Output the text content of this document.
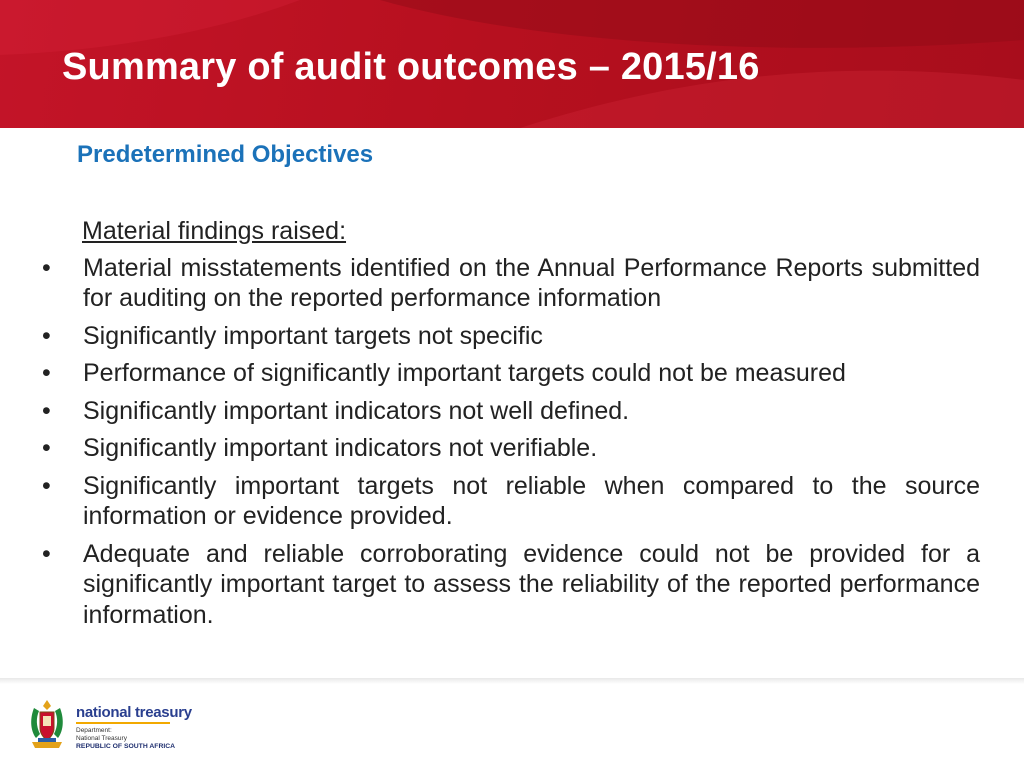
Summary of audit outcomes – 2015/16
Predetermined Objectives
Material findings raised:
• Material misstatements identified on the Annual Performance Reports submitted for auditing on the reported performance information
• Significantly important targets not specific
• Performance of significantly important targets could not be measured
• Significantly important indicators not well defined.
• Significantly important indicators not verifiable.
• Significantly important targets not reliable when compared to the source information or evidence provided.
• Adequate and reliable corroborating evidence could not be provided for a significantly important target to assess the reliability of the reported performance information.
national treasury
Department:
National Treasury
REPUBLIC OF SOUTH AFRICA
